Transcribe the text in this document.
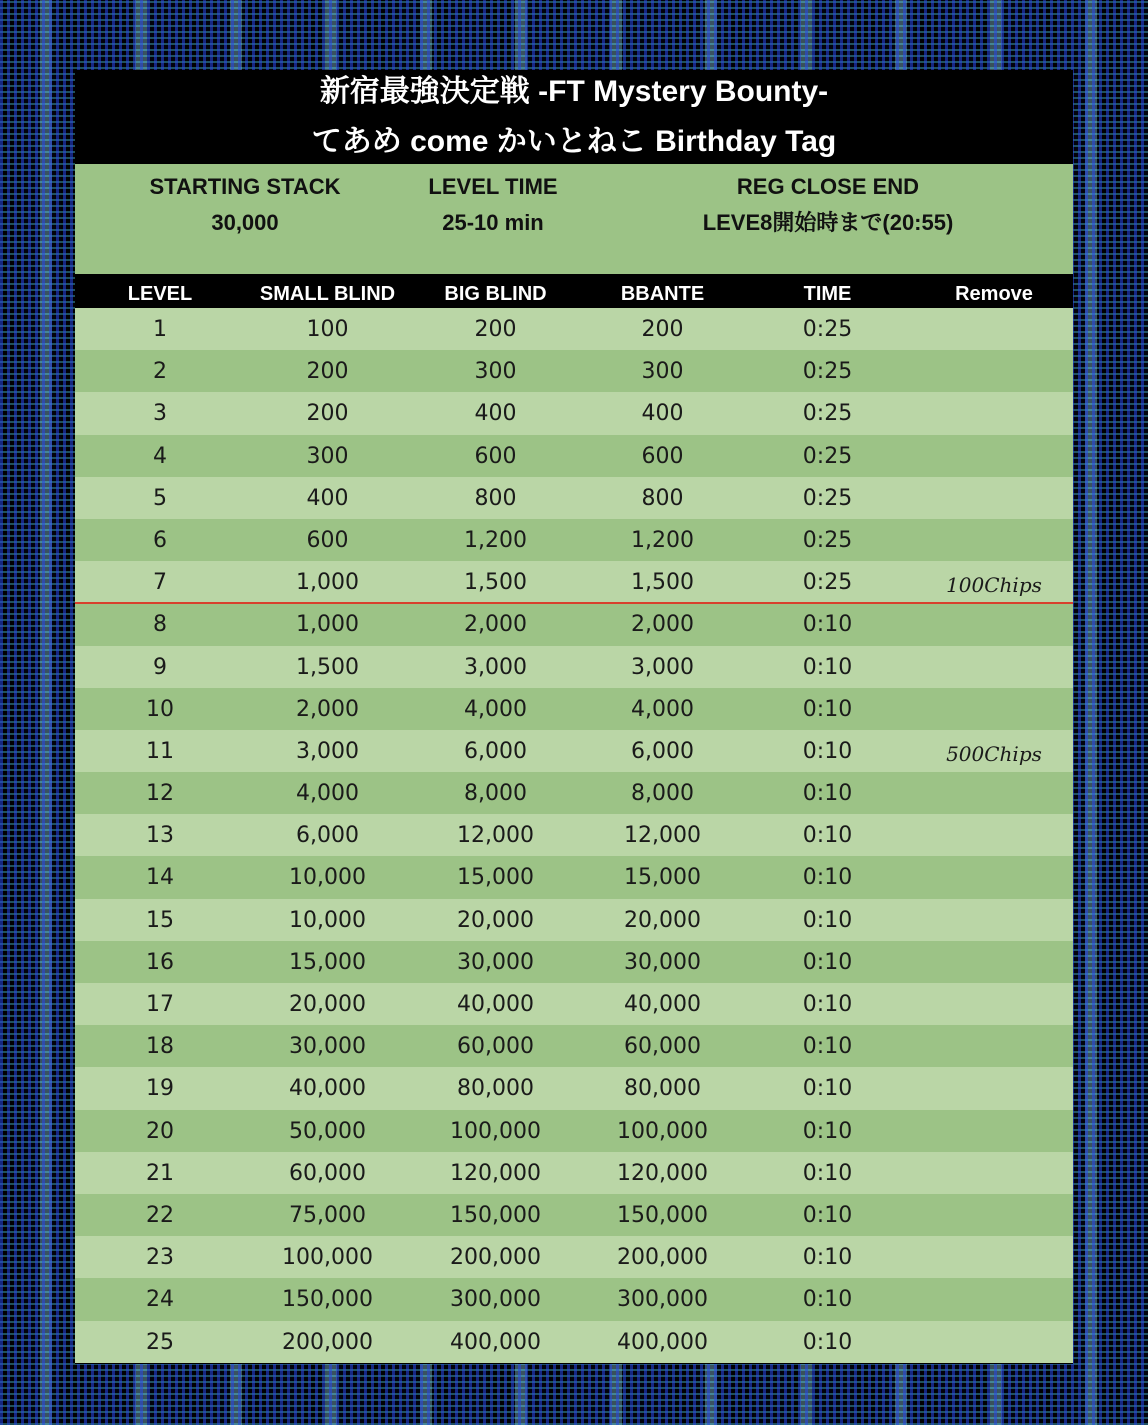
新宿最強決定戦 -FT Mystery Bounty-
てあめ come かいとねこ Birthday Tag
STARTING STACK
30,000
LEVEL TIME
25-10 min
REG CLOSE END
LEVE8開始時まで(20:55)
LEVEL	SMALL BLIND	BIG BLIND	BBANTE	TIME	Remove
1	100	200	200	0:25
2	200	300	300	0:25
3	200	400	400	0:25
4	300	600	600	0:25
5	400	800	800	0:25
6	600	1,200	1,200	0:25
7	1,000	1,500	1,500	0:25	100Chips
8	1,000	2,000	2,000	0:10
9	1,500	3,000	3,000	0:10
10	2,000	4,000	4,000	0:10
11	3,000	6,000	6,000	0:10	500Chips
12	4,000	8,000	8,000	0:10
13	6,000	12,000	12,000	0:10
14	10,000	15,000	15,000	0:10
15	10,000	20,000	20,000	0:10
16	15,000	30,000	30,000	0:10
17	20,000	40,000	40,000	0:10
18	30,000	60,000	60,000	0:10
19	40,000	80,000	80,000	0:10
20	50,000	100,000	100,000	0:10
21	60,000	120,000	120,000	0:10
22	75,000	150,000	150,000	0:10
23	100,000	200,000	200,000	0:10
24	150,000	300,000	300,000	0:10
25	200,000	400,000	400,000	0:10
